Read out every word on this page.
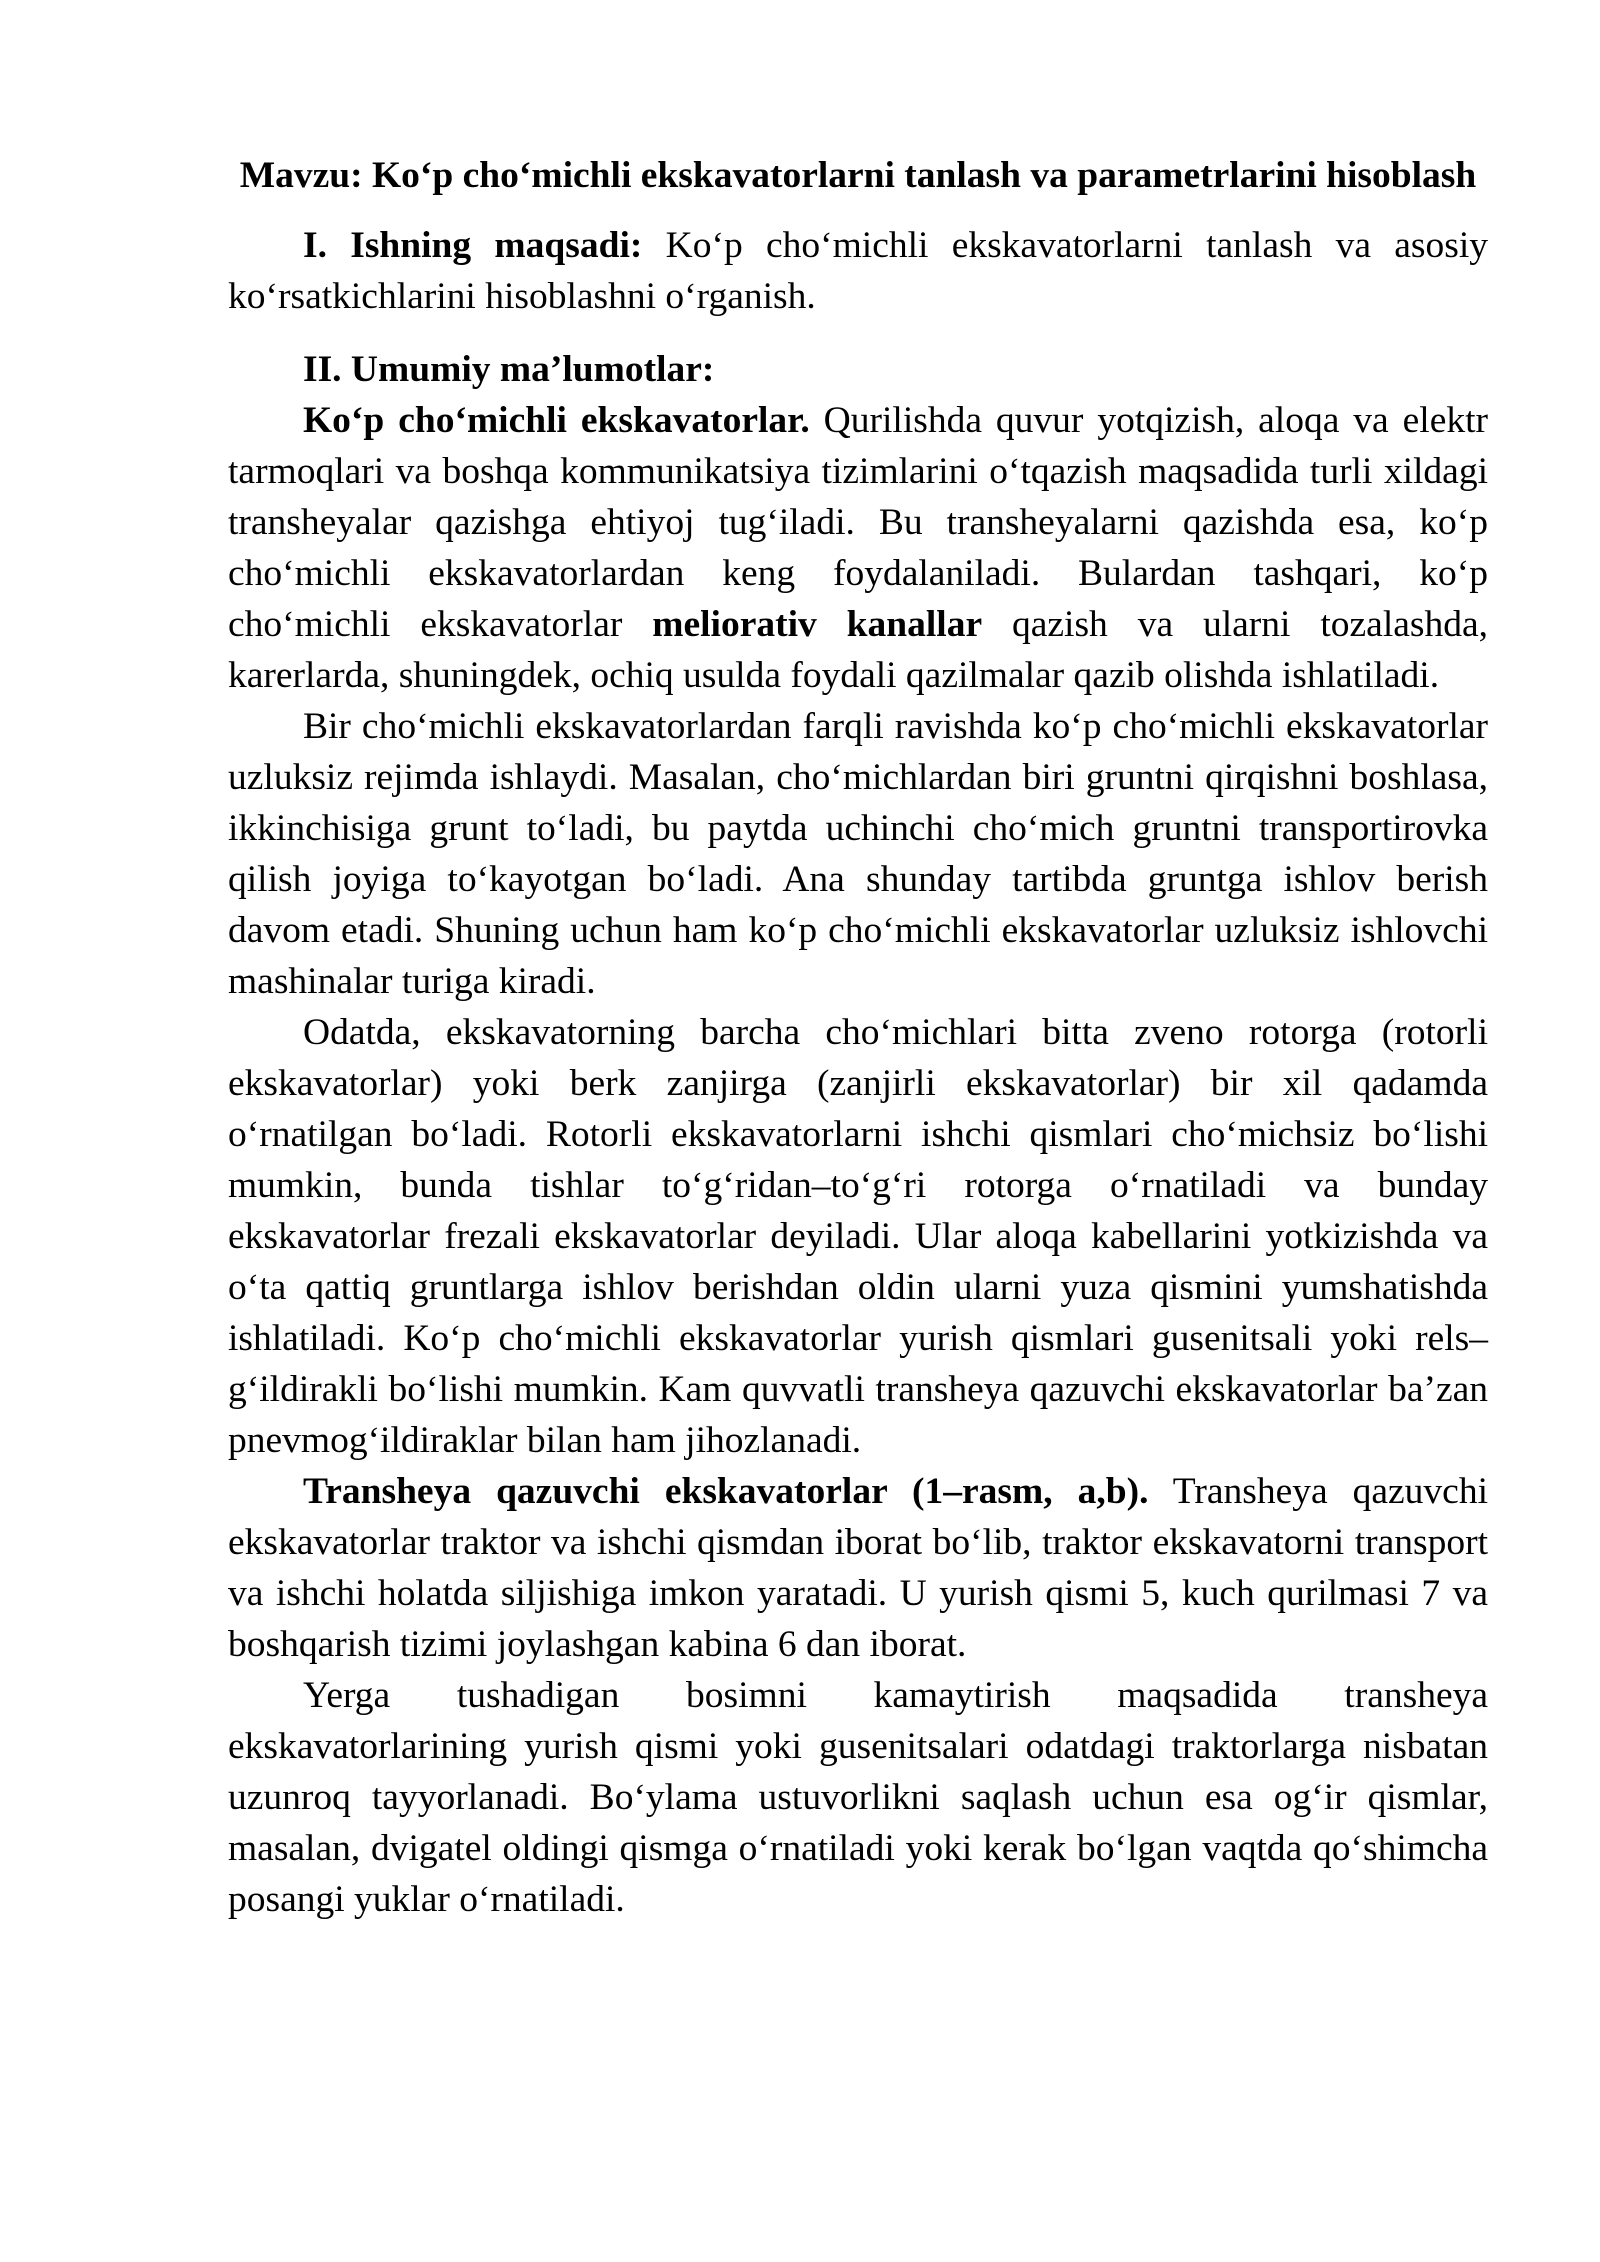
Mavzu: Ko‘p cho‘michli ekskavatorlarni tanlash va parametrlarini hisoblash

I. Ishning maqsadi: Ko‘p cho‘michli ekskavatorlarni tanlash va asosiy ko‘rsatkichlarini hisoblashni o‘rganish.

II. Umumiy ma’lumotlar:

Ko‘p cho‘michli ekskavatorlar. Qurilishda quvur yotqizish, aloqa va elektr tarmoqlari va boshqa kommunikatsiya tizimlarini o‘tqazish maqsadida turli xildagi transheyalar qazishga ehtiyoj tug‘iladi. Bu transheyalarni qazishda esa, ko‘p cho‘michli ekskavatorlardan keng foydalaniladi. Bulardan tashqari, ko‘p cho‘michli ekskavatorlar meliorativ kanallar qazish va ularni tozalashda, karerlarda, shuningdek, ochiq usulda foydali qazilmalar qazib olishda ishlatiladi.

Bir cho‘michli ekskavatorlardan farqli ravishda ko‘p cho‘michli ekskavatorlar uzluksiz rejimda ishlaydi. Masalan, cho‘michlardan biri gruntni qirqishni boshlasa, ikkinchisiga grunt to‘ladi, bu paytda uchinchi cho‘mich gruntni transportirovka qilish joyiga to‘kayotgan bo‘ladi. Ana shunday tartibda gruntga ishlov berish davom etadi. Shuning uchun ham ko‘p cho‘michli ekskavatorlar uzluksiz ishlovchi mashinalar turiga kiradi.

Odatda, ekskavatorning barcha cho‘michlari bitta zveno rotorga (rotorli ekskavatorlar) yoki berk zanjirga (zanjirli ekskavatorlar) bir xil qadamda o‘rnatilgan bo‘ladi. Rotorli ekskavatorlarni ishchi qismlari cho‘michsiz bo‘lishi mumkin, bunda tishlar to‘g‘ridan–to‘g‘ri rotorga o‘rnatiladi va bunday ekskavatorlar frezali ekskavatorlar deyiladi. Ular aloqa kabellarini yotkizishda va o‘ta qattiq gruntlarga ishlov berishdan oldin ularni yuza qismini yumshatishda ishlatiladi. Ko‘p cho‘michli ekskavatorlar yurish qismlari gusenitsali yoki rels–g‘ildirakli bo‘lishi mumkin. Kam quvvatli transheya qazuvchi ekskavatorlar ba’zan pnevmog‘ildiraklar bilan ham jihozlanadi.

Transheya qazuvchi ekskavatorlar (1–rasm, a,b). Transheya qazuvchi ekskavatorlar traktor va ishchi qismdan iborat bo‘lib, traktor ekskavatorni transport va ishchi holatda siljishiga imkon yaratadi. U yurish qismi 5, kuch qurilmasi 7 va boshqarish tizimi joylashgan kabina 6 dan iborat.

Yerga tushadigan bosimni kamaytirish maqsadida transheya ekskavatorlarining yurish qismi yoki gusenitsalari odatdagi traktorlarga nisbatan uzunroq tayyorlanadi. Bo‘ylama ustuvorlikni saqlash uchun esa og‘ir qismlar, masalan, dvigatel oldingi qismga o‘rnatiladi yoki kerak bo‘lgan vaqtda qo‘shimcha posangi yuklar o‘rnatiladi.
